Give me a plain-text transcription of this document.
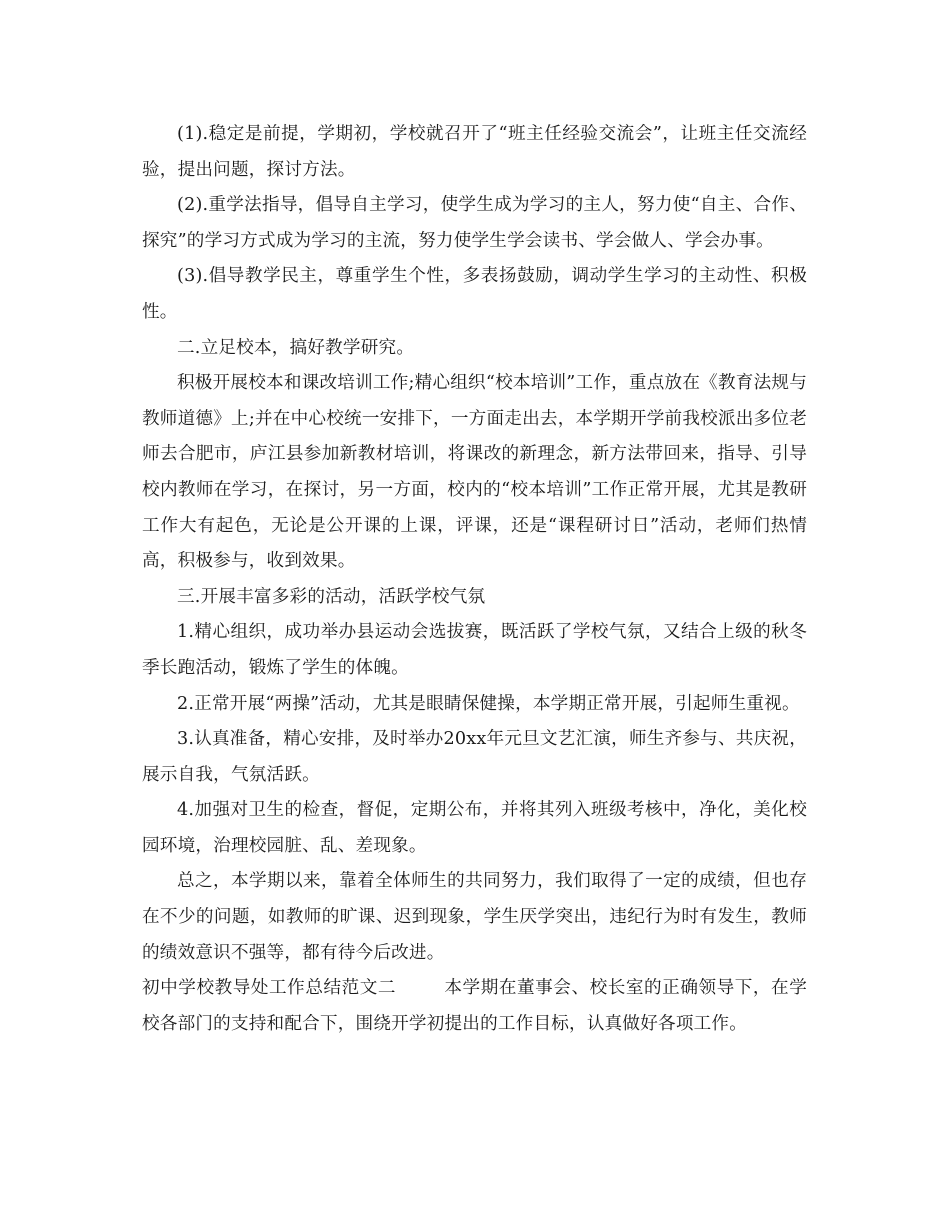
(1).稳定是前提，学期初，学校就召开了“班主任经验交流会”，让班主任交流经验，提出问题，探讨方法。

(2).重学法指导，倡导自主学习，使学生成为学习的主人，努力使“自主、合作、探究”的学习方式成为学习的主流，努力使学生学会读书、学会做人、学会办事。

(3).倡导教学民主，尊重学生个性，多表扬鼓励，调动学生学习的主动性、积极性。

二.立足校本，搞好教学研究。

积极开展校本和课改培训工作;精心组织“校本培训”工作，重点放在《教育法规与教师道德》上;并在中心校统一安排下，一方面走出去，本学期开学前我校派出多位老师去合肥市，庐江县参加新教材培训，将课改的新理念，新方法带回来，指导、引导校内教师在学习，在探讨，另一方面，校内的“校本培训”工作正常开展，尤其是教研工作大有起色，无论是公开课的上课，评课，还是“课程研讨日”活动，老师们热情高，积极参与，收到效果。

三.开展丰富多彩的活动，活跃学校气氛

1.精心组织，成功举办县运动会选拔赛，既活跃了学校气氛，又结合上级的秋冬季长跑活动，锻炼了学生的体魄。

2.正常开展“两操”活动，尤其是眼睛保健操，本学期正常开展，引起师生重视。

3.认真准备，精心安排，及时举办20xx年元旦文艺汇演，师生齐参与、共庆祝，展示自我，气氛活跃。

4.加强对卫生的检查，督促，定期公布，并将其列入班级考核中，净化，美化校园环境，治理校园脏、乱、差现象。

总之，本学期以来，靠着全体师生的共同努力，我们取得了一定的成绩，但也存在不少的问题，如教师的旷课、迟到现象，学生厌学突出，违纪行为时有发生，教师的绩效意识不强等，都有待今后改进。

初中学校教导处工作总结范文二	本学期在董事会、校长室的正确领导下，在学校各部门的支持和配合下，围绕开学初提出的工作目标，认真做好各项工作。
